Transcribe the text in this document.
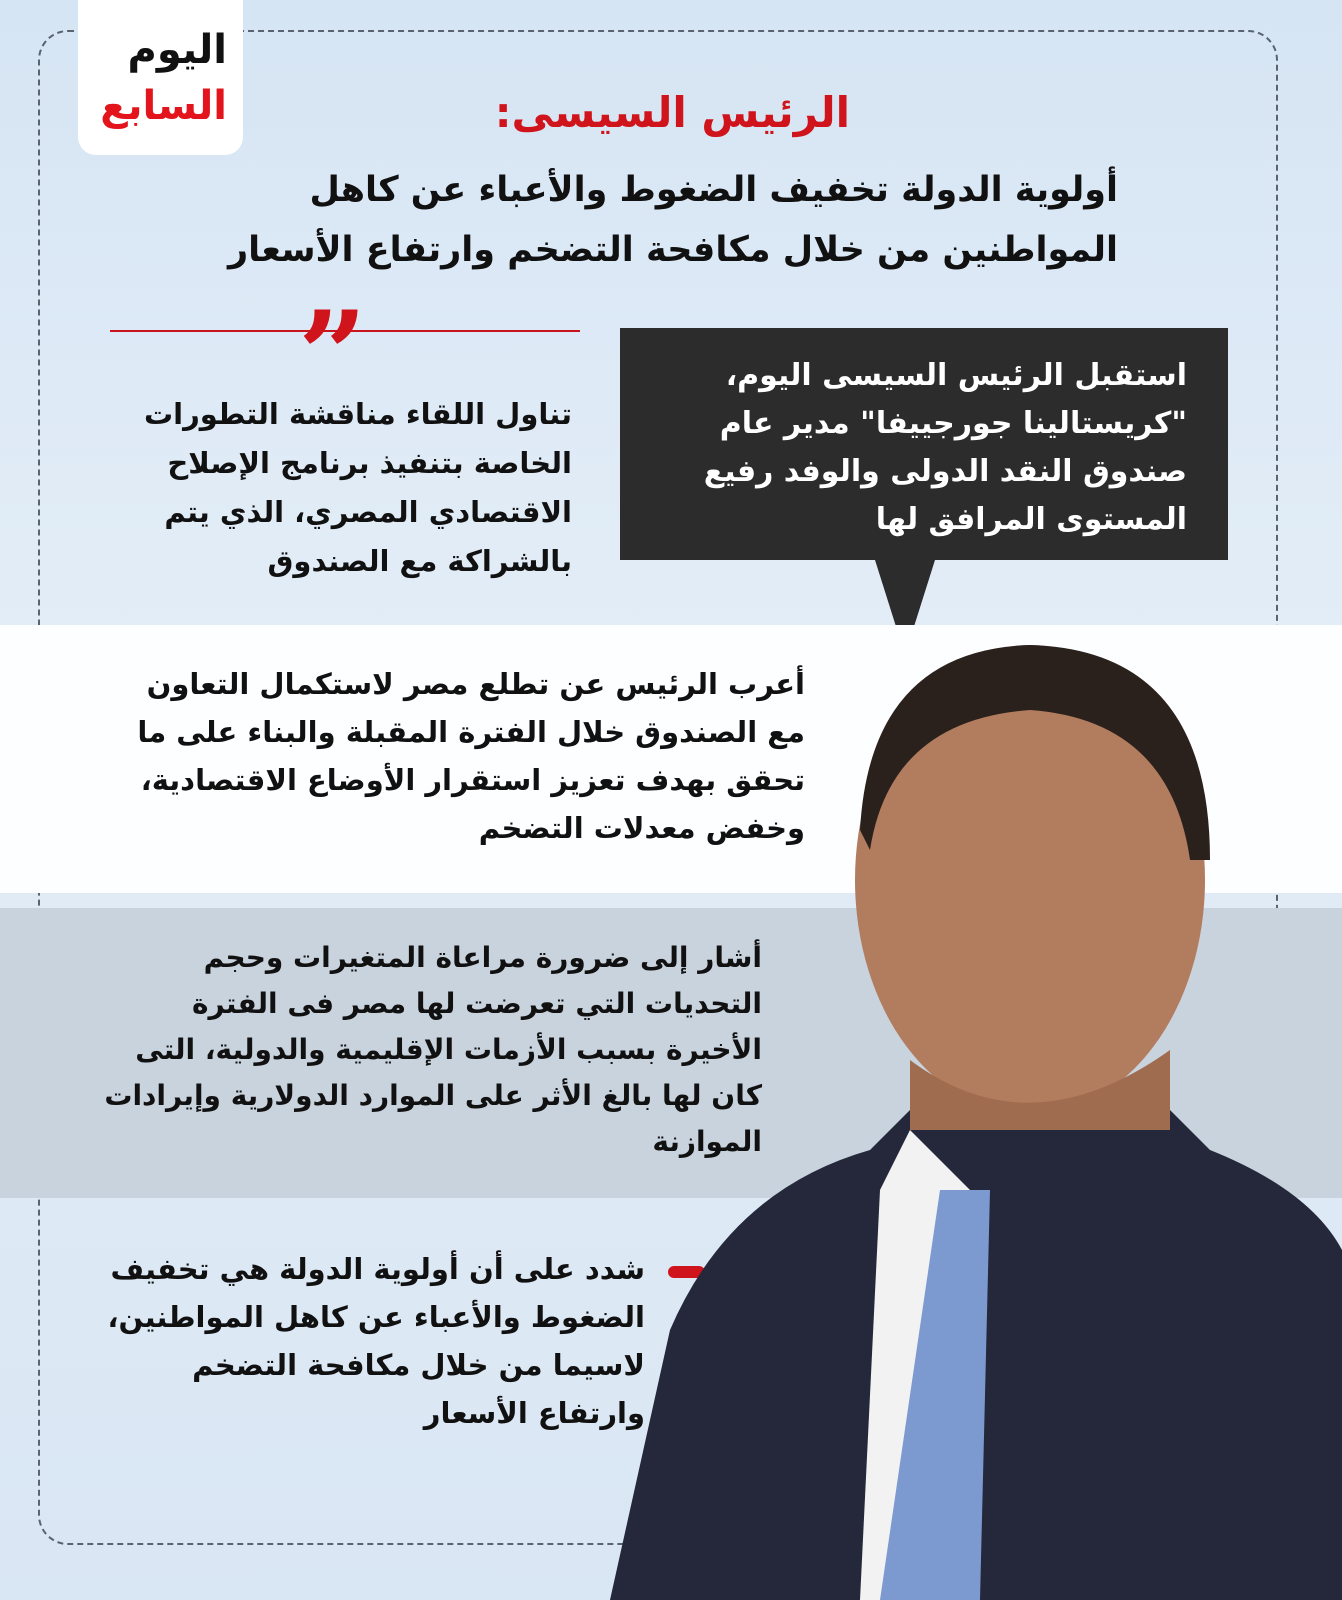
اليوم
السابع	الرئيس السيسى:
أولوية الدولة تخفيف الضغوط والأعباء عن كاهل المواطنين من خلال مكافحة التضخم وارتفاع الأسعار
”
تناول اللقاء مناقشة التطورات الخاصة بتنفيذ برنامج الإصلاح الاقتصادي المصري، الذي يتم بالشراكة مع الصندوق
استقبل الرئيس السيسى اليوم، "كريستالينا جورجييفا" مدير عام صندوق النقد الدولى والوفد رفيع المستوى المرافق لها
أعرب الرئيس عن تطلع مصر لاستكمال التعاون مع الصندوق خلال الفترة المقبلة والبناء على ما تحقق بهدف تعزيز استقرار الأوضاع الاقتصادية، وخفض معدلات التضخم
أشار إلى ضرورة مراعاة المتغيرات وحجم التحديات التي تعرضت لها مصر فى الفترة الأخيرة بسبب الأزمات الإقليمية والدولية، التى كان لها بالغ الأثر على الموارد الدولارية وإيرادات الموازنة
شدد على أن أولوية الدولة هي تخفيف الضغوط والأعباء عن كاهل المواطنين، لاسيما من خلال مكافحة التضخم وارتفاع الأسعار
